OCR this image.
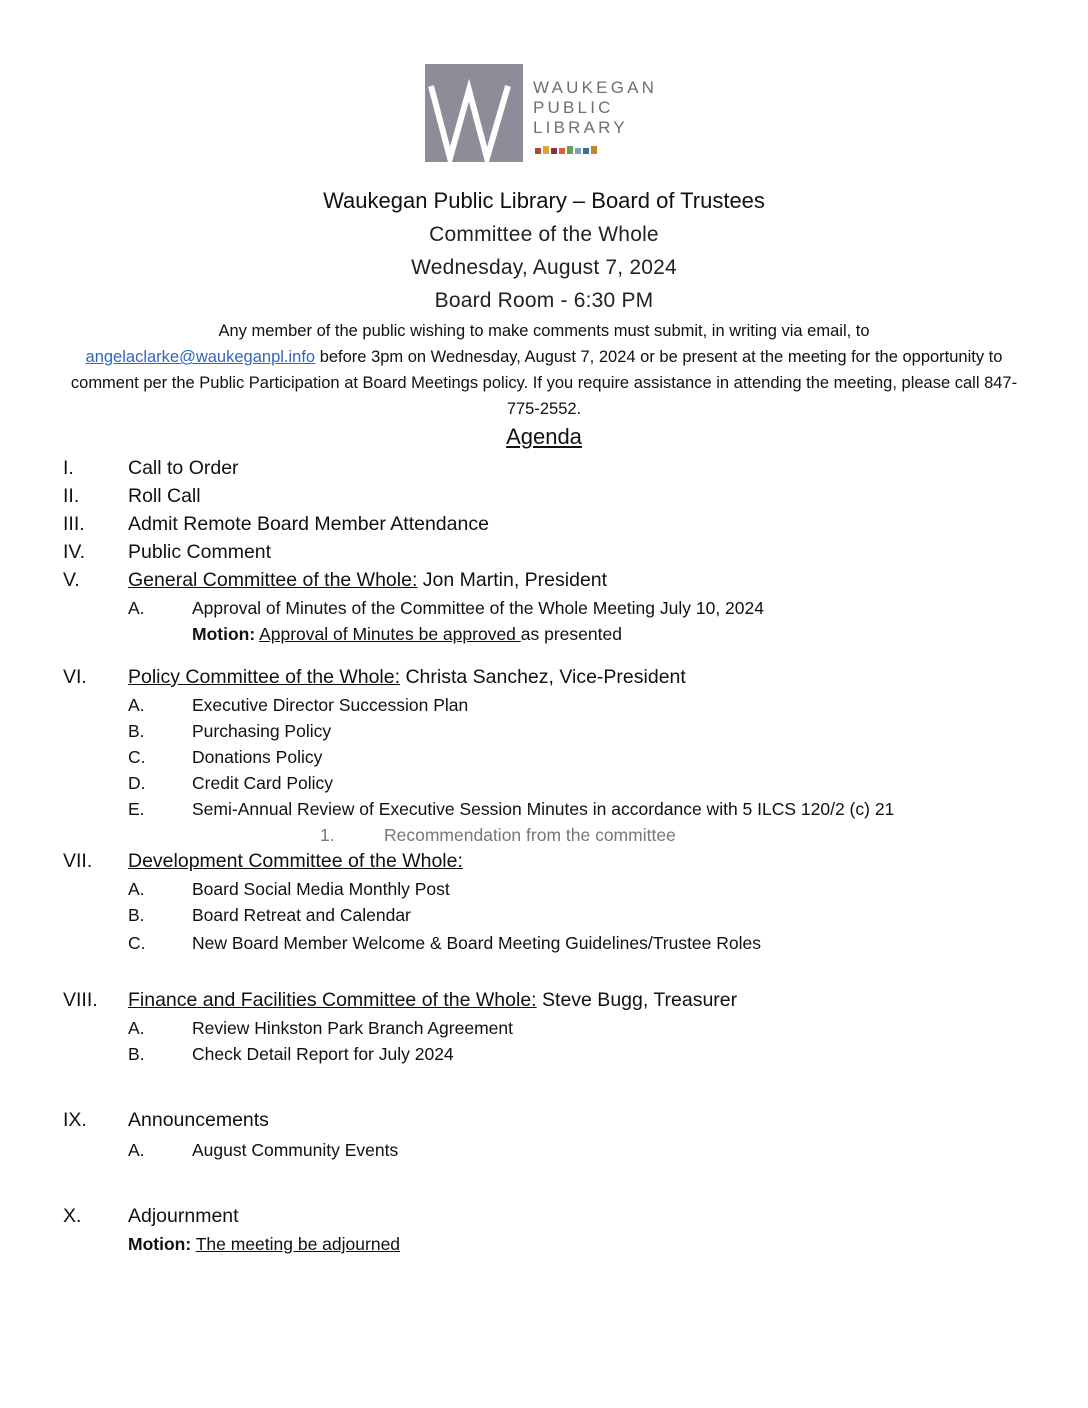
WAUKEGAN
PUBLIC
LIBRARY
Waukegan Public Library – Board of Trustees
Committee of the Whole
Wednesday, August 7, 2024
Board Room - 6:30 PM
Any member of the public wishing to make comments must submit, in writing via email, to
angelaclarke@waukeganpl.info before 3pm on Wednesday, August 7, 2024 or be present at the meeting for the opportunity to comment per the Public Participation at Board Meetings policy. If you require assistance in attending the meeting, please call 847-775-2552.
Agenda
I.	Call to Order
II. Roll Call
III. Admit Remote Board Member Attendance
IV. Public Comment
V. General Committee of the Whole: Jon Martin, President
A.	Approval of Minutes of the Committee of the Whole Meeting July 10, 2024
Motion: Approval of Minutes be approved as presented
VI. Policy Committee of the Whole: Christa Sanchez, Vice-President
A.	Executive Director Succession Plan
B.	Purchasing Policy
C.	Donations Policy
D.	Credit Card Policy
E.	Semi-Annual Review of Executive Session Minutes in accordance with 5 ILCS 120/2 (c) 21
1.	Recommendation from the committee
VII. Development Committee of the Whole:
A.	Board Social Media Monthly Post
B.	Board Retreat and Calendar
C.	New Board Member Welcome & Board Meeting Guidelines/Trustee Roles
VIII. Finance and Facilities Committee of the Whole: Steve Bugg, Treasurer
A.	Review Hinkston Park Branch Agreement
B.	Check Detail Report for July 2024
IX. Announcements
A.	August Community Events
X. Adjournment
Motion: The meeting be adjourned
